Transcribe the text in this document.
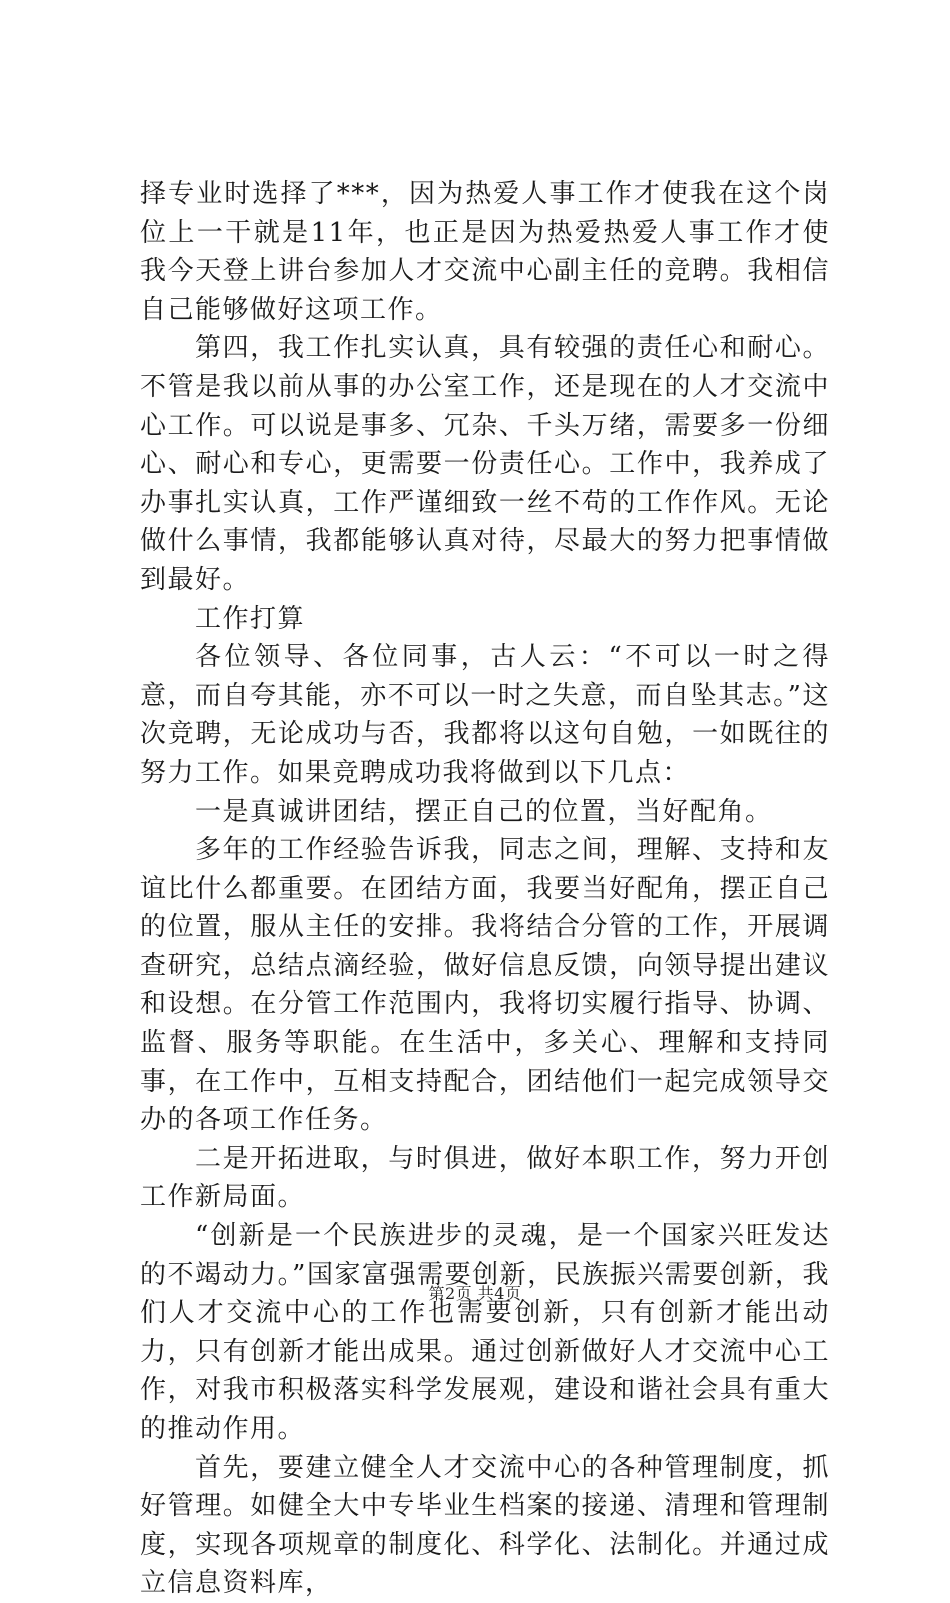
择专业时选择了***，因为热爱人事工作才使我在这个岗位上一干就是11年，也正是因为热爱热爱人事工作才使我今天登上讲台参加人才交流中心副主任的竞聘。我相信自己能够做好这项工作。

第四，我工作扎实认真，具有较强的责任心和耐心。不管是我以前从事的办公室工作，还是现在的人才交流中心工作。可以说是事多、冗杂、千头万绪，需要多一份细心、耐心和专心，更需要一份责任心。工作中，我养成了办事扎实认真，工作严谨细致一丝不苟的工作作风。无论做什么事情，我都能够认真对待，尽最大的努力把事情做到最好。

工作打算

各位领导、各位同事，古人云：“不可以一时之得意，而自夸其能，亦不可以一时之失意，而自坠其志。”这次竞聘，无论成功与否，我都将以这句自勉，一如既往的努力工作。如果竞聘成功我将做到以下几点：

一是真诚讲团结，摆正自己的位置，当好配角。

多年的工作经验告诉我，同志之间，理解、支持和友谊比什么都重要。在团结方面，我要当好配角，摆正自己的位置，服从主任的安排。我将结合分管的工作，开展调查研究，总结点滴经验，做好信息反馈，向领导提出建议和设想。在分管工作范围内，我将切实履行指导、协调、监督、服务等职能。在生活中，多关心、理解和支持同事，在工作中，互相支持配合，团结他们一起完成领导交办的各项工作任务。

二是开拓进取，与时俱进，做好本职工作，努力开创工作新局面。

“创新是一个民族进步的灵魂，是一个国家兴旺发达的不竭动力。”国家富强需要创新，民族振兴需要创新，我们人才交流中心的工作也需要创新，只有创新才能出动力，只有创新才能出成果。通过创新做好人才交流中心工作，对我市积极落实科学发展观，建设和谐社会具有重大的推动作用。

首先，要建立健全人才交流中心的各种管理制度，抓好管理。如健全大中专毕业生档案的接递、清理和管理制度，实现各项规章的制度化、科学化、法制化。并通过成立信息资料库，

第2页 共4页
